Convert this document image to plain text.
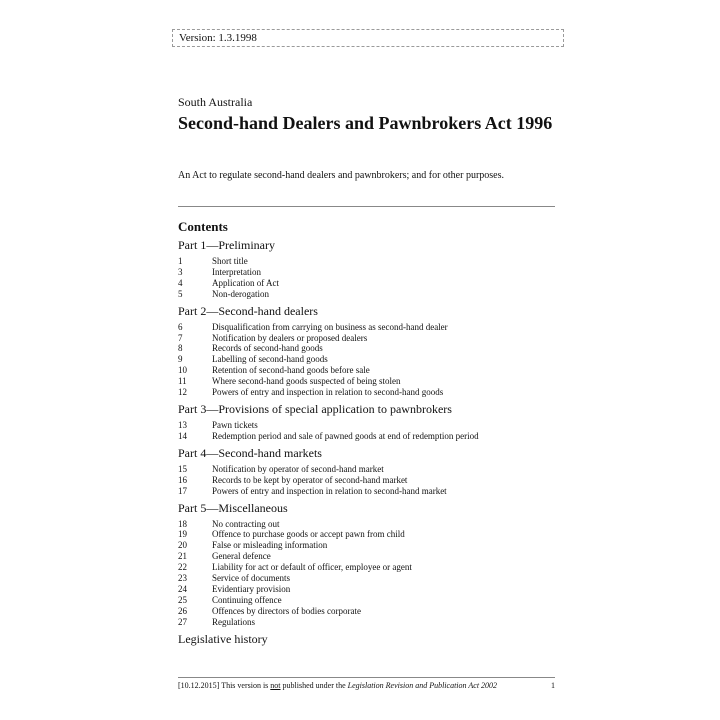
Version: 1.3.1998
South Australia
Second-hand Dealers and Pawnbrokers Act 1996
An Act to regulate second-hand dealers and pawnbrokers; and for other purposes.
Contents
Part 1—Preliminary
1	Short title
3	Interpretation
4	Application of Act
5	Non-derogation
Part 2—Second-hand dealers
6	Disqualification from carrying on business as second-hand dealer
7	Notification by dealers or proposed dealers
8	Records of second-hand goods
9	Labelling of second-hand goods
10	Retention of second-hand goods before sale
11	Where second-hand goods suspected of being stolen
12	Powers of entry and inspection in relation to second-hand goods
Part 3—Provisions of special application to pawnbrokers
13	Pawn tickets
14	Redemption period and sale of pawned goods at end of redemption period
Part 4—Second-hand markets
15	Notification by operator of second-hand market
16	Records to be kept by operator of second-hand market
17	Powers of entry and inspection in relation to second-hand market
Part 5—Miscellaneous
18	No contracting out
19	Offence to purchase goods or accept pawn from child
20	False or misleading information
21	General defence
22	Liability for act or default of officer, employee or agent
23	Service of documents
24	Evidentiary provision
25	Continuing offence
26	Offences by directors of bodies corporate
27	Regulations
Legislative history
[10.12.2015] This version is not published under the Legislation Revision and Publication Act 2002	1
